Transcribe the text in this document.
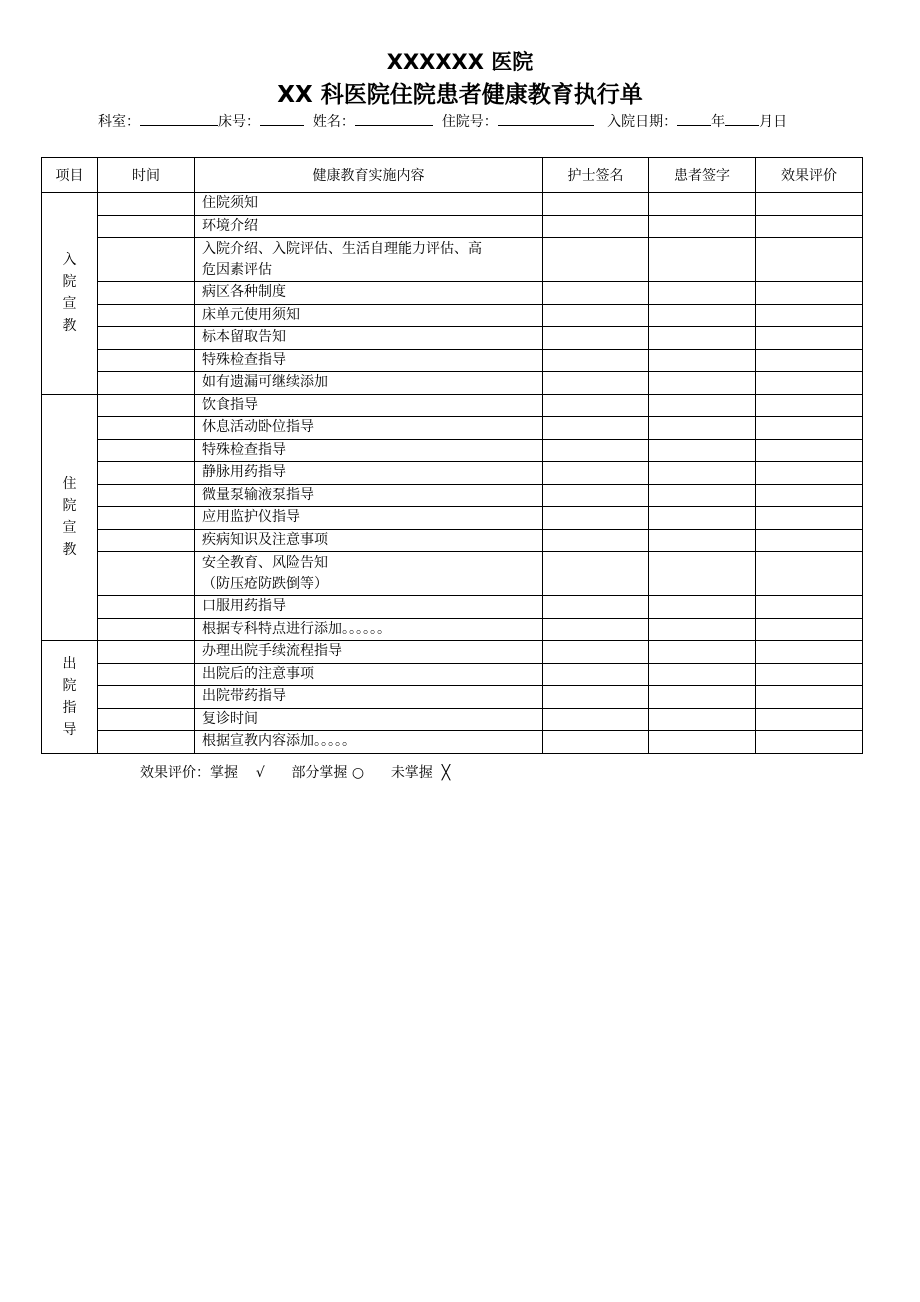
XXXXXX 医院
XX 科医院住院患者健康教育执行单
科室：	床号：	姓名：	住院号：	入院日期： 年 月日
项目	时间	健康教育实施内容	护士签名	患者签字	效果评价

入
院
宣
教		住院须知			
		环境介绍			

		入院介绍、入院评估、生活自理能力评估、高
危因素评估			

		病区各种制度			
		床单元使用须知			
		标本留取告知			
		特殊检查指导			
		如有遗漏可继续添加			

住
院
宣
教		饮食指导			
		休息活动卧位指导			
		特殊检查指导			
		静脉用药指导			
		微量泵输液泵指导			
		应用监护仪指导			
		疾病知识及注意事项			

		安全教育、风险告知
（防压疮防跌倒等）			

		口服用药指导			
		根据专科特点进行添加。。。。。。			

出
院
指
导		办理出院手续流程指导			
		出院后的注意事项			
		出院带药指导			
		复诊时间			
		根据宣教内容添加。。。。。			
效果评价：掌握 √ 部分掌握 ○ 未掌握 ╳
